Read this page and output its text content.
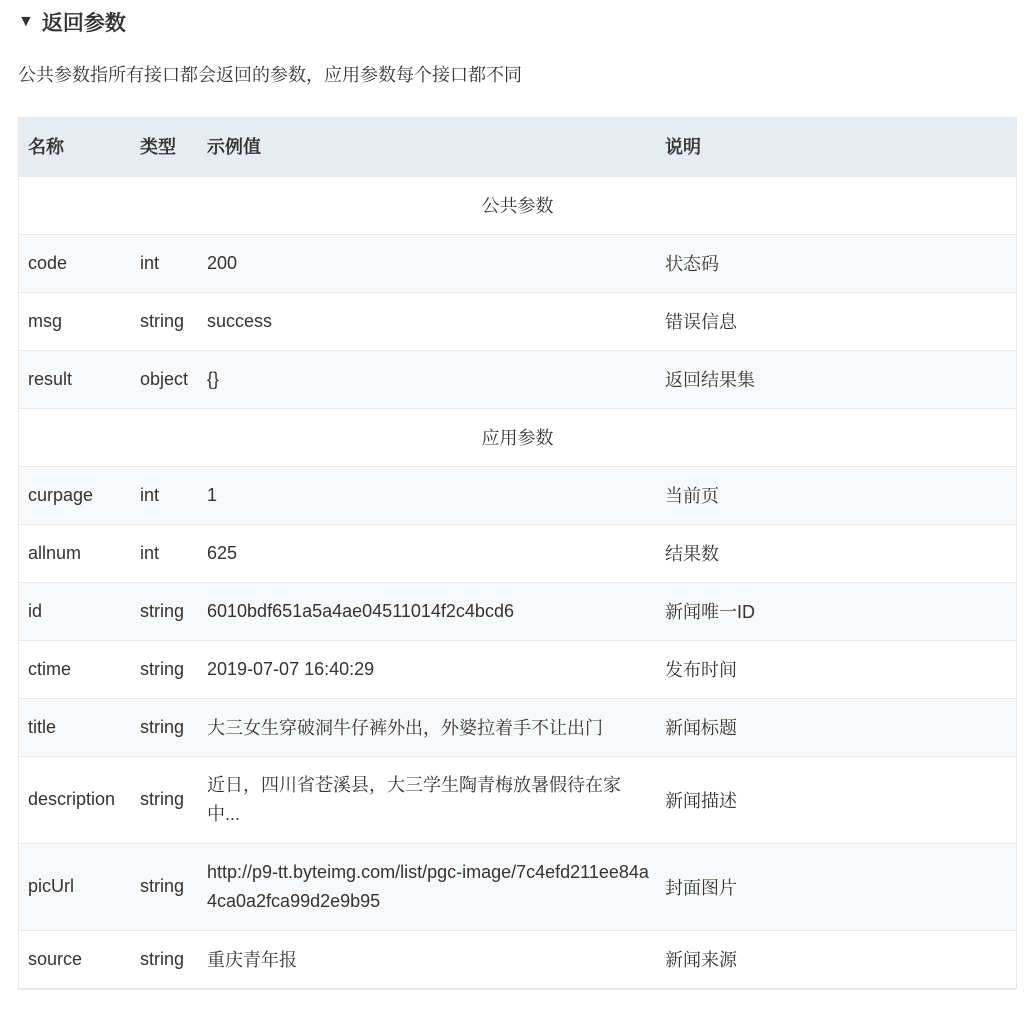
▼ 返回参数
公共参数指所有接口都会返回的参数，应用参数每个接口都不同
名称	类型	示例值	说明
公共参数			
code	int	200	状态码
msg	string	success	错误信息
result	object	{}	返回结果集
应用参数			
curpage	int	1	当前页
allnum	int	625	结果数
id	string	6010bdf651a5a4ae04511014f2c4bcd6	新闻唯一ID
ctime	string	2019-07-07 16:40:29	发布时间
title	string	大三女生穿破洞牛仔裤外出，外婆拉着手不让出门	新闻标题
description	string	近日，四川省苍溪县，大三学生陶青梅放暑假待在家中...	新闻描述
picUrl	string	http://p9-tt.byteimg.com/list/pgc-image/7c4efd211ee84a4ca0a2fca99d2e9b95	封面图片
source	string	重庆青年报	新闻来源
